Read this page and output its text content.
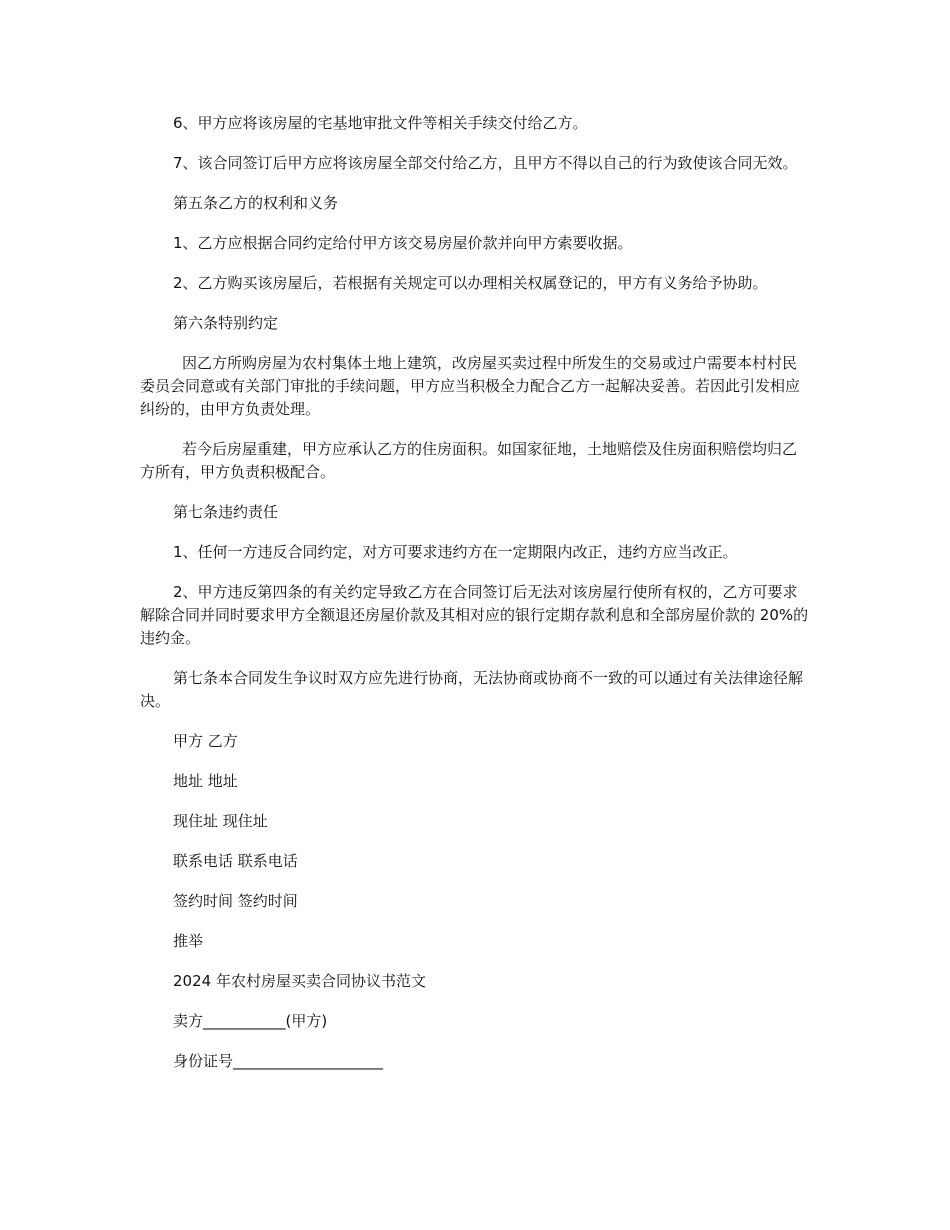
6、甲方应将该房屋的宅基地审批文件等相关手续交付给乙方。

7、该合同签订后甲方应将该房屋全部交付给乙方，且甲方不得以自己的行为致使该合同无效。

第五条乙方的权利和义务

1、乙方应根据合同约定给付甲方该交易房屋价款并向甲方索要收据。

2、乙方购买该房屋后，若根据有关规定可以办理相关权属登记的，甲方有义务给予协助。

第六条特别约定

因乙方所购房屋为农村集体土地上建筑，改房屋买卖过程中所发生的交易或过户需要本村村民委员会同意或有关部门审批的手续问题，甲方应当积极全力配合乙方一起解决妥善。若因此引发相应纠纷的，由甲方负责处理。

若今后房屋重建，甲方应承认乙方的住房面积。如国家征地，土地赔偿及住房面积赔偿均归乙方所有，甲方负责积极配合。

第七条违约责任

1、任何一方违反合同约定，对方可要求违约方在一定期限内改正，违约方应当改正。

2、甲方违反第四条的有关约定导致乙方在合同签订后无法对该房屋行使所有权的，乙方可要求解除合同并同时要求甲方全额退还房屋价款及其相对应的银行定期存款利息和全部房屋价款的 20%的违约金。

第七条本合同发生争议时双方应先进行协商，无法协商或协商不一致的可以通过有关法律途径解决。

甲方 乙方

地址 地址

现住址 现住址

联系电话 联系电话

签约时间 签约时间

推举

2024 年农村房屋买卖合同协议书范文

卖方___________(甲方)

身份证号____________________
